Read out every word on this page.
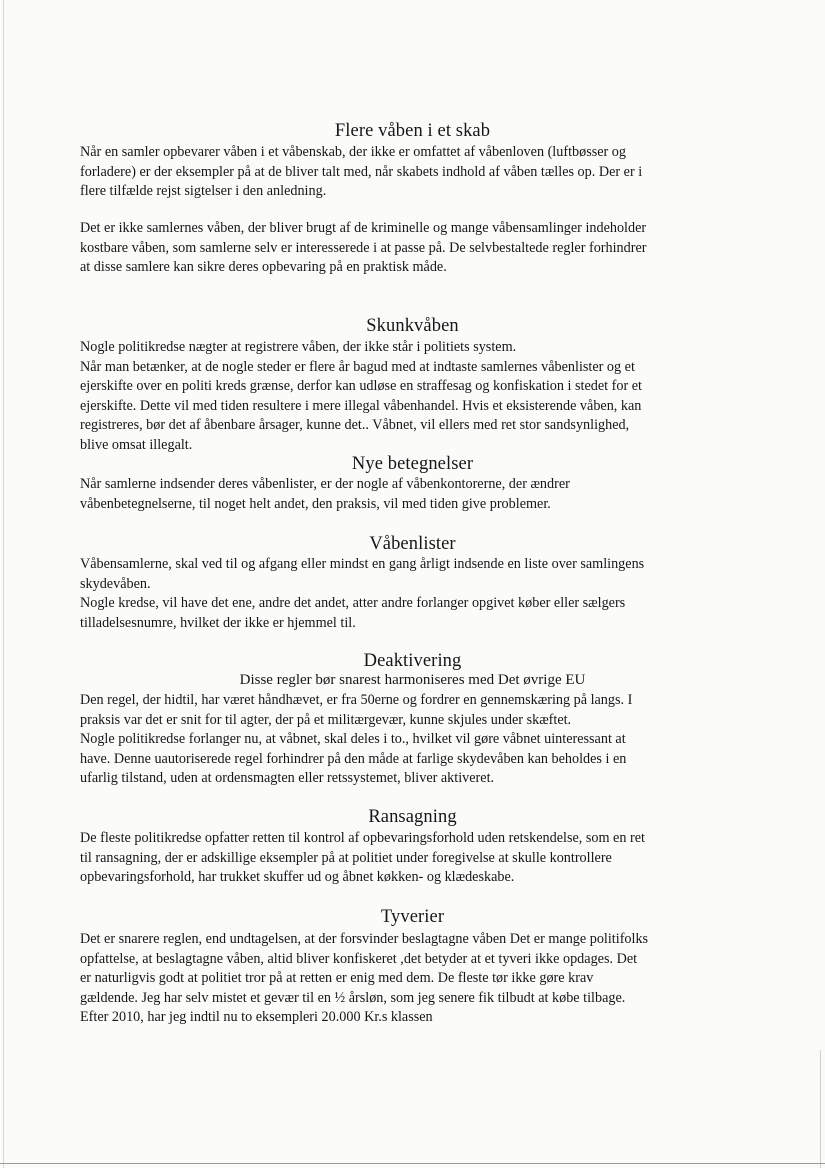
Flere våben i et skab
Når en samler opbevarer våben i et våbenskab, der ikke er omfattet af våbenloven (luftbøsser og
forladere) er der eksempler på at de bliver talt med, når skabets indhold af våben tælles op. Der er i
flere tilfælde rejst sigtelser i den anledning.
Det er ikke samlernes våben, der bliver brugt af de kriminelle og mange våbensamlinger indeholder
kostbare våben, som samlerne selv er interesserede i at passe på. De selvbestaltede regler forhindrer
at disse samlere kan sikre deres opbevaring på en praktisk måde.
Skunkvåben
Nogle politikredse nægter at registrere våben, der ikke står i politiets system.
Når man betænker, at de nogle steder er flere år bagud med at indtaste samlernes våbenlister og et
ejerskifte over en politi kreds grænse, derfor kan udløse en straffesag og konfiskation i stedet for et
ejerskifte. Dette vil med tiden resultere i mere illegal våbenhandel. Hvis et eksisterende våben, kan
registreres, bør det af åbenbare årsager, kunne det.. Våbnet, vil ellers med ret stor sandsynlighed,
blive omsat illegalt.
Nye betegnelser
Når samlerne indsender deres våbenlister, er der nogle af våbenkontorerne, der ændrer
våbenbetegnelserne, til noget helt andet, den praksis, vil med tiden give problemer.
Våbenlister
Våbensamlerne, skal ved til og afgang eller mindst en gang årligt indsende en liste over samlingens
skydevåben.
Nogle kredse, vil have det ene, andre det andet, atter andre forlanger opgivet køber eller sælgers
tilladelsesnumre, hvilket der ikke er hjemmel til.
Deaktivering
Disse regler bør snarest harmoniseres med Det øvrige EU
Den regel, der hidtil, har været håndhævet, er fra 50erne og fordrer en gennemskæring på langs. I
praksis var det er snit for til agter, der på et militærgevær, kunne skjules under skæftet.
Nogle politikredse forlanger nu, at våbnet, skal deles i to., hvilket vil gøre våbnet uinteressant at
have. Denne uautoriserede regel forhindrer på den måde at farlige skydevåben kan beholdes i en
ufarlig tilstand, uden at ordensmagten eller retssystemet, bliver aktiveret.
Ransagning
De fleste politikredse opfatter retten til kontrol af opbevaringsforhold uden retskendelse, som en ret
til ransagning, der er adskillige eksempler på at politiet under foregivelse at skulle kontrollere
opbevaringsforhold, har trukket skuffer ud og åbnet køkken- og klædeskabe.
Tyverier
Det er snarere reglen, end undtagelsen, at der forsvinder beslagtagne våben Det er mange politifolks
opfattelse, at beslagtagne våben, altid bliver konfiskeret ,det betyder at et tyveri ikke opdages. Det
er naturligvis godt at politiet tror på at retten er enig med dem. De fleste tør ikke gøre krav
gældende. Jeg har selv mistet et gevær til en ½ årsløn, som jeg senere fik tilbudt at købe tilbage.
Efter 2010, har jeg indtil nu to eksempleri 20.000 Kr.s klassen
